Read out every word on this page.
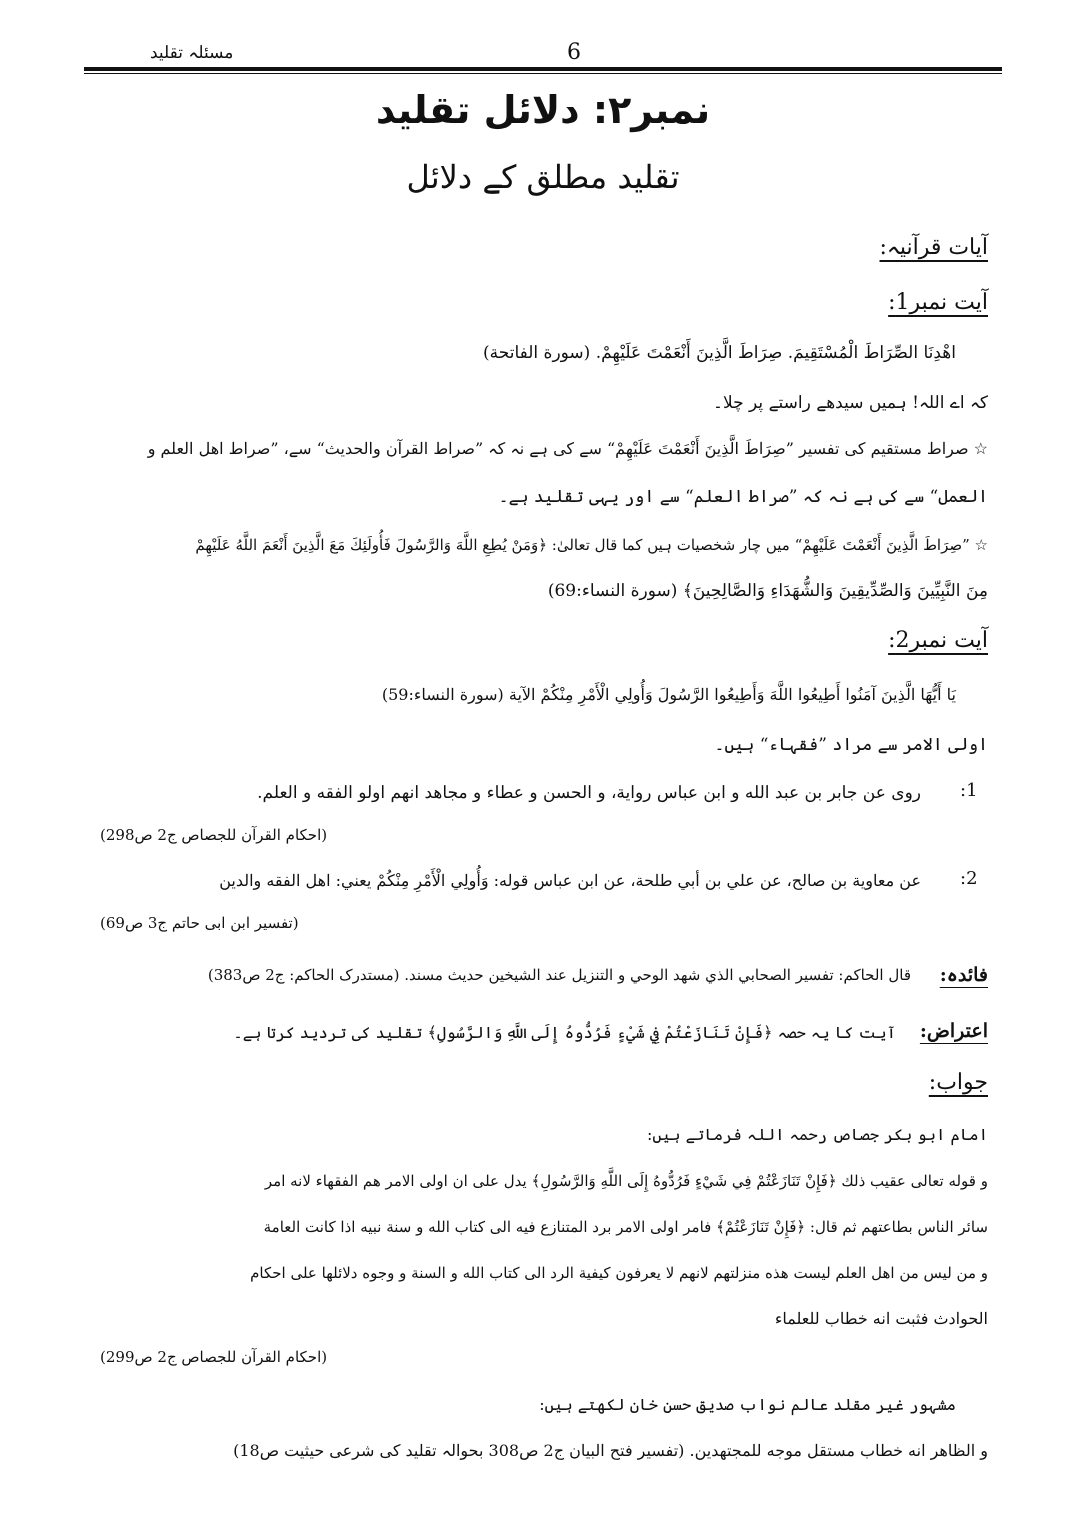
مسئلہ تقلید	6
نمبر۲: دلائل تقلید
تقلید مطلق کے دلائل
آیات قرآنیہ:
آیت نمبر1:
اهْدِنَا الصِّرَاطَ الْمُسْتَقِيمَ. صِرَاطَ الَّذِينَ أَنْعَمْتَ عَلَيْهِمْ. (سورة الفاتحة)
کہ اے اللہ! ہمیں سیدھے راستے پر چلا۔
☆ صراط مستقیم کی تفسیر ”صِرَاطَ الَّذِينَ أَنْعَمْتَ عَلَيْهِمْ“ سے کی ہے نہ کہ ”صراط القرآن والحدیث“ سے، ”صراط اهل العلم و
العمل“ سے کی ہے نہ کہ ”صراط العلم“ سے اور یہی تقلید ہے۔
☆ ”صِرَاطَ الَّذِينَ أَنْعَمْتَ عَلَيْهِمْ“ میں چار شخصیات ہیں کما قال تعالیٰ: ﴿وَمَنْ يُطِعِ اللَّهَ وَالرَّسُولَ فَأُولَئِكَ مَعَ الَّذِينَ أَنْعَمَ اللَّهُ عَلَيْهِمْ
مِنَ النَّبِيِّينَ وَالصِّدِّيقِينَ وَالشُّهَدَاءِ وَالصَّالِحِينَ﴾ (سورة النساء:69)
آیت نمبر2:
يَا أَيُّهَا الَّذِينَ آمَنُوا أَطِيعُوا اللَّهَ وَأَطِيعُوا الرَّسُولَ وَأُولِي الْأَمْرِ مِنْكُمْ الآية (سورة النساء:59)
اولی الامر سے مراد ”فقہاء“ ہیں۔
:1
روی عن جابر بن عبد الله و ابن عباس رواية، و الحسن و عطاء و مجاهد انهم اولو الفقه و العلم.
(احکام القرآن للجصاص ج2 ص298)
:2
عن معاوية بن صالح، عن علي بن أبي طلحة، عن ابن عباس قوله: وَأُولِي الْأَمْرِ مِنْكُمْ يعني: اهل الفقه والدين
(تفسیر ابن ابی حاتم ج3 ص69)
فائدہ:
قال الحاکم: تفسير الصحابي الذي شهد الوحي و التنزيل عند الشيخين حديث مسند. (مستدرک الحاکم: ج2 ص383)
اعتراض:
آیت کا یہ حصہ ﴿فَإِنْ تَنَازَعْتُمْ فِي شَيْءٍ فَرُدُّوهُ إِلَى اللَّهِ وَالرَّسُولِ﴾ تقلید کی تردید کرتا ہے۔
جواب:
امام ابو بکر جصاص رحمہ اللہ فرماتے ہیں:
و قوله تعالى عقيب ذلك ﴿فَإِنْ تَنَازَعْتُمْ فِي شَيْءٍ فَرُدُّوهُ إِلَى اللَّهِ وَالرَّسُولِ﴾ يدل على ان اولى الامر هم الفقهاء لانه امر
سائر الناس بطاعتهم ثم قال: ﴿فَإِنْ تَنَازَعْتُمْ﴾ فامر اولى الامر برد المتنازع فيه الى كتاب الله و سنة نبيه اذا كانت العامة
و من ليس من اهل العلم ليست هذه منزلتهم لانهم لا يعرفون كيفية الرد الى كتاب الله و السنة و وجوه دلائلها على احكام
الحوادث فثبت انه خطاب للعلماء
(احکام القرآن للجصاص ج2 ص299)
مشہور غیر مقلد عالم نواب صدیق حسن خان لکھتے ہیں:
و الظاهر انه خطاب مستقل موجه للمجتهدين. (تفسیر فتح البیان ج2 ص308 بحوالہ تقلید کی شرعی حیثیت ص18)
